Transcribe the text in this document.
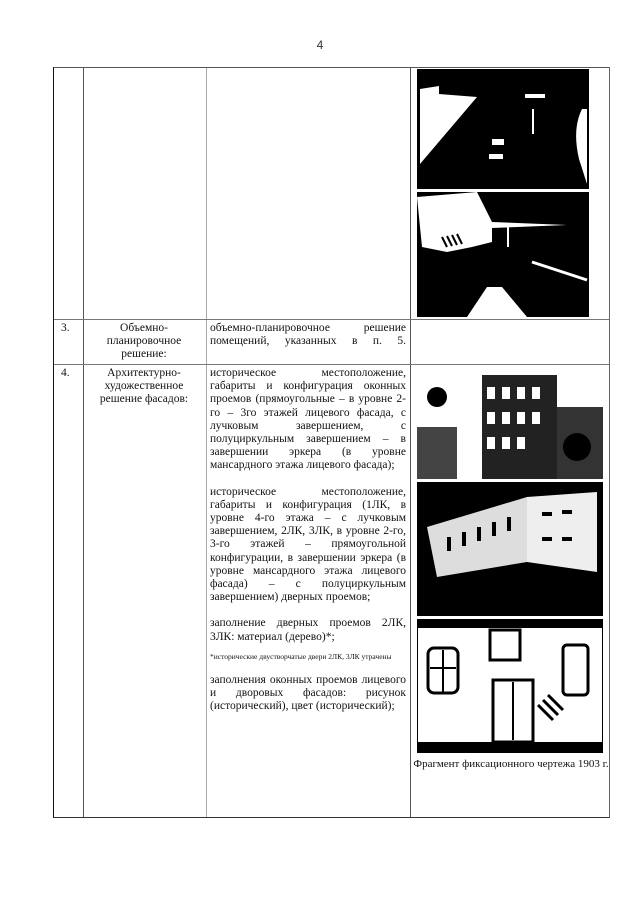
4
3.	Объемно-планировочное решение:

объемно-планировочное решение помещений, указанных в п. 5.

4.	Архитектурно-художественное решение фасадов:

историческое местоположение, габариты и конфигурация оконных проемов (прямоугольные – в уровне 2-го – 3го этажей лицевого фасада, с лучковым завершением, с полуциркульным завершением – в завершении эркера (в уровне мансардного этажа лицевого фасада);

историческое местоположение, габариты и конфигурация (1ЛК, в уровне 4-го этажа – с лучковым завершением, 2ЛК, 3ЛК, в уровне 2-го, 3-го этажей – прямоугольной конфигурации, в завершении эркера (в уровне мансардного этажа лицевого фасада) – с полуциркульным завершением) дверных проемов;

заполнение дверных проемов 2ЛК, 3ЛК: материал (дерево)*;

*исторические двустворчатые двери 2ЛК, 3ЛК утрачены

заполнения оконных проемов лицевого и дворовых фасадов: рисунок (исторический), цвет (исторический);

Фрагмент фиксационного чертежа 1903 г.
